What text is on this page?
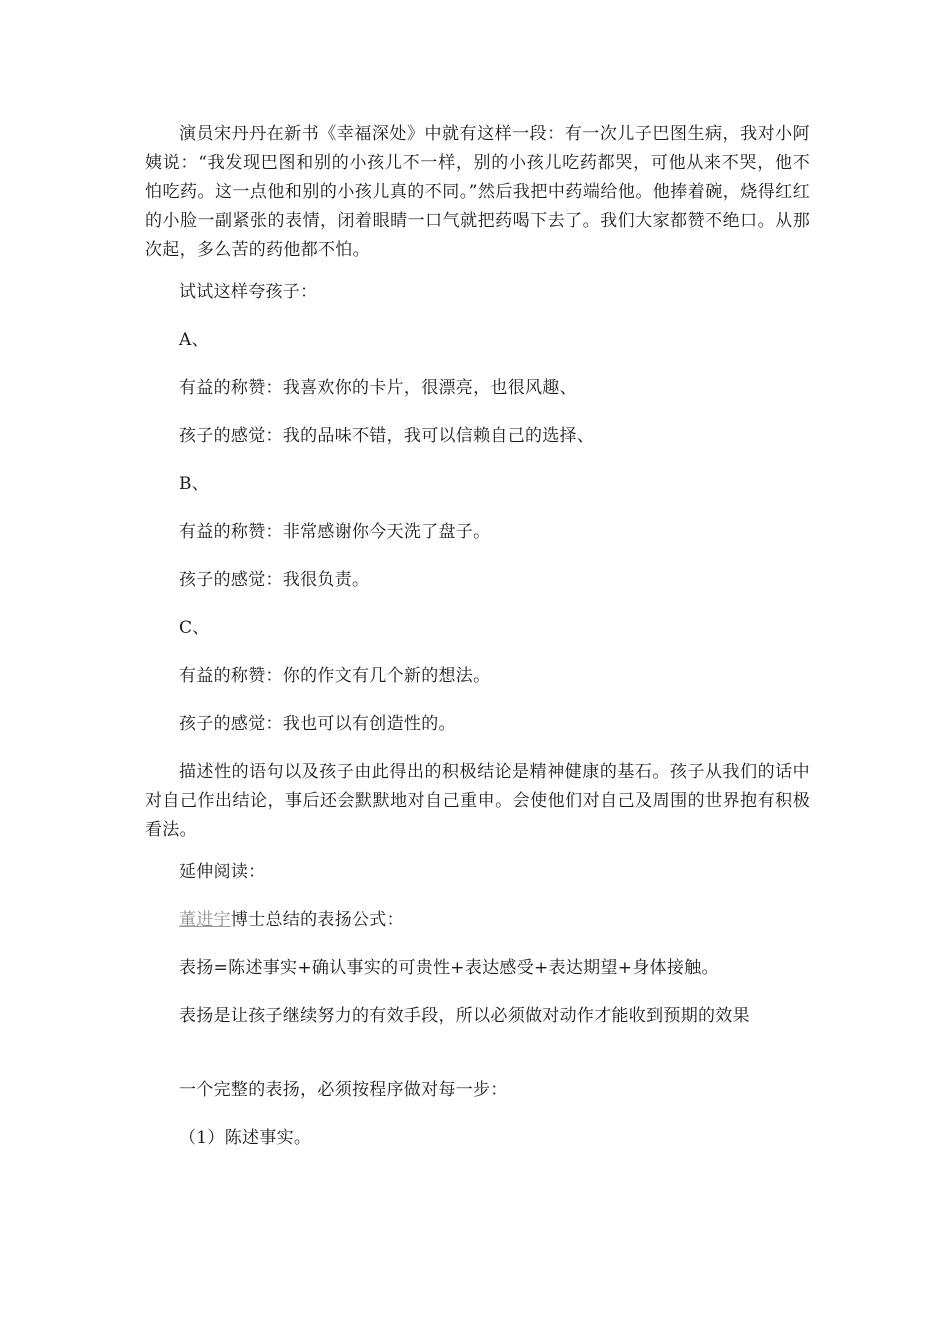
演员宋丹丹在新书《幸福深处》中就有这样一段：有一次儿子巴图生病，我对小阿姨说：“我发现巴图和别的小孩儿不一样，别的小孩儿吃药都哭，可他从来不哭，他不怕吃药。这一点他和别的小孩儿真的不同。”然后我把中药端给他。他捧着碗，烧得红红的小脸一副紧张的表情，闭着眼睛一口气就把药喝下去了。我们大家都赞不绝口。从那次起，多么苦的药他都不怕。

试试这样夸孩子：

A、

有益的称赞：我喜欢你的卡片，很漂亮，也很风趣、

孩子的感觉：我的品味不错，我可以信赖自己的选择、

B、

有益的称赞：非常感谢你今天洗了盘子。

孩子的感觉：我很负责。

C、

有益的称赞：你的作文有几个新的想法。

孩子的感觉：我也可以有创造性的。

描述性的语句以及孩子由此得出的积极结论是精神健康的基石。孩子从我们的话中对自己作出结论，事后还会默默地对自己重申。会使他们对自己及周围的世界抱有积极看法。

延伸阅读：

董进宇博士总结的表扬公式：

表扬=陈述事实+确认事实的可贵性+表达感受+表达期望+身体接触。

表扬是让孩子继续努力的有效手段，所以必须做对动作才能收到预期的效果

一个完整的表扬，必须按程序做对每一步：

（1）陈述事实。
